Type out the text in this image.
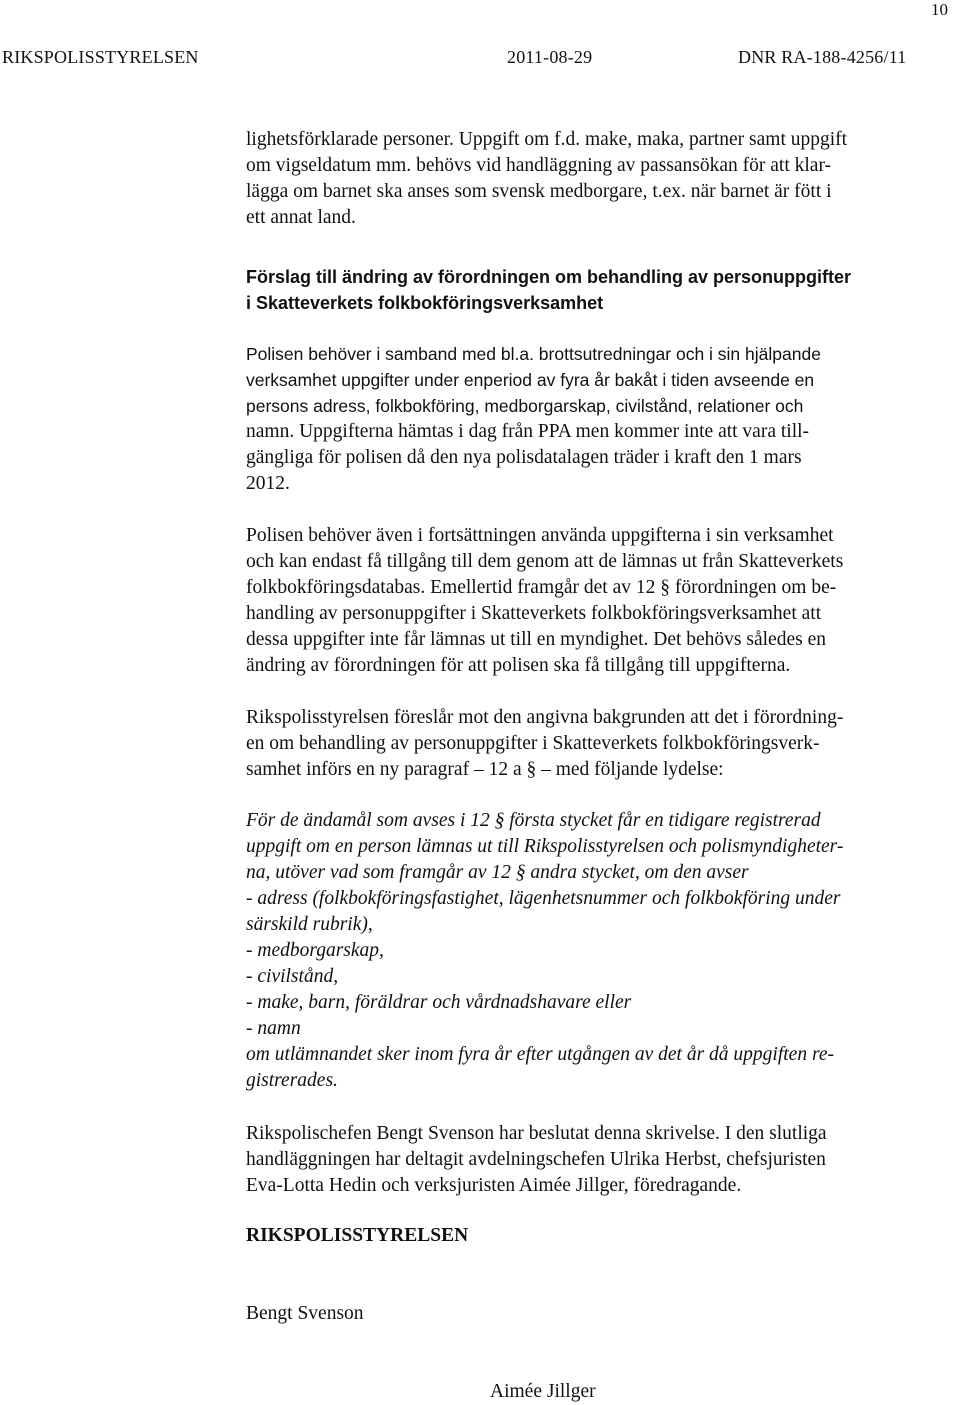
10
RIKSPOLISSTYRELSEN	2011-08-29	DNR RA-188-4256/11
lighetsförklarade personer. Uppgift om f.d. make, maka, partner samt uppgift
om vigseldatum mm. behövs vid handläggning av passansökan för att klar-
lägga om barnet ska anses som svensk medborgare, t.ex. när barnet är fött i
ett annat land.
Förslag till ändring av förordningen om behandling av personuppgifter
i Skatteverkets folkbokföringsverksamhet
Polisen behöver i samband med bl.a. brottsutredningar och i sin hjälpande
verksamhet uppgifter under enperiod av fyra år bakåt i tiden avseende en
persons adress, folkbokföring, medborgarskap, civilstånd, relationer och
namn. Uppgifterna hämtas i dag från PPA men kommer inte att vara till-
gängliga för polisen då den nya polisdatalagen träder i kraft den 1 mars
2012.
Polisen behöver även i fortsättningen använda uppgifterna i sin verksamhet
och kan endast få tillgång till dem genom att de lämnas ut från Skatteverkets
folkbokföringsdatabas. Emellertid framgår det av 12 § förordningen om be-
handling av personuppgifter i Skatteverkets folkbokföringsverksamhet att
dessa uppgifter inte får lämnas ut till en myndighet. Det behövs således en
ändring av förordningen för att polisen ska få tillgång till uppgifterna.
Rikspolisstyrelsen föreslår mot den angivna bakgrunden att det i förordning-
en om behandling av personuppgifter i Skatteverkets folkbokföringsverk-
samhet införs en ny paragraf – 12 a § – med följande lydelse:
För de ändamål som avses i 12 § första stycket får en tidigare registrerad
uppgift om en person lämnas ut till Rikspolisstyrelsen och polismyndigheter-
na, utöver vad som framgår av 12 § andra stycket, om den avser
- adress (folkbokföringsfastighet, lägenhetsnummer och folkbokföring under
särskild rubrik),
- medborgarskap,
- civilstånd,
- make, barn, föräldrar och vårdnadshavare eller
- namn
om utlämnandet sker inom fyra år efter utgången av det år då uppgiften re-
gistrerades.
Rikspolischefen Bengt Svenson har beslutat denna skrivelse. I den slutliga
handläggningen har deltagit avdelningschefen Ulrika Herbst, chefsjuristen
Eva-Lotta Hedin och verksjuristen Aimée Jillger, föredragande.
RIKSPOLISSTYRELSEN
Bengt Svenson
Aimée Jillger
